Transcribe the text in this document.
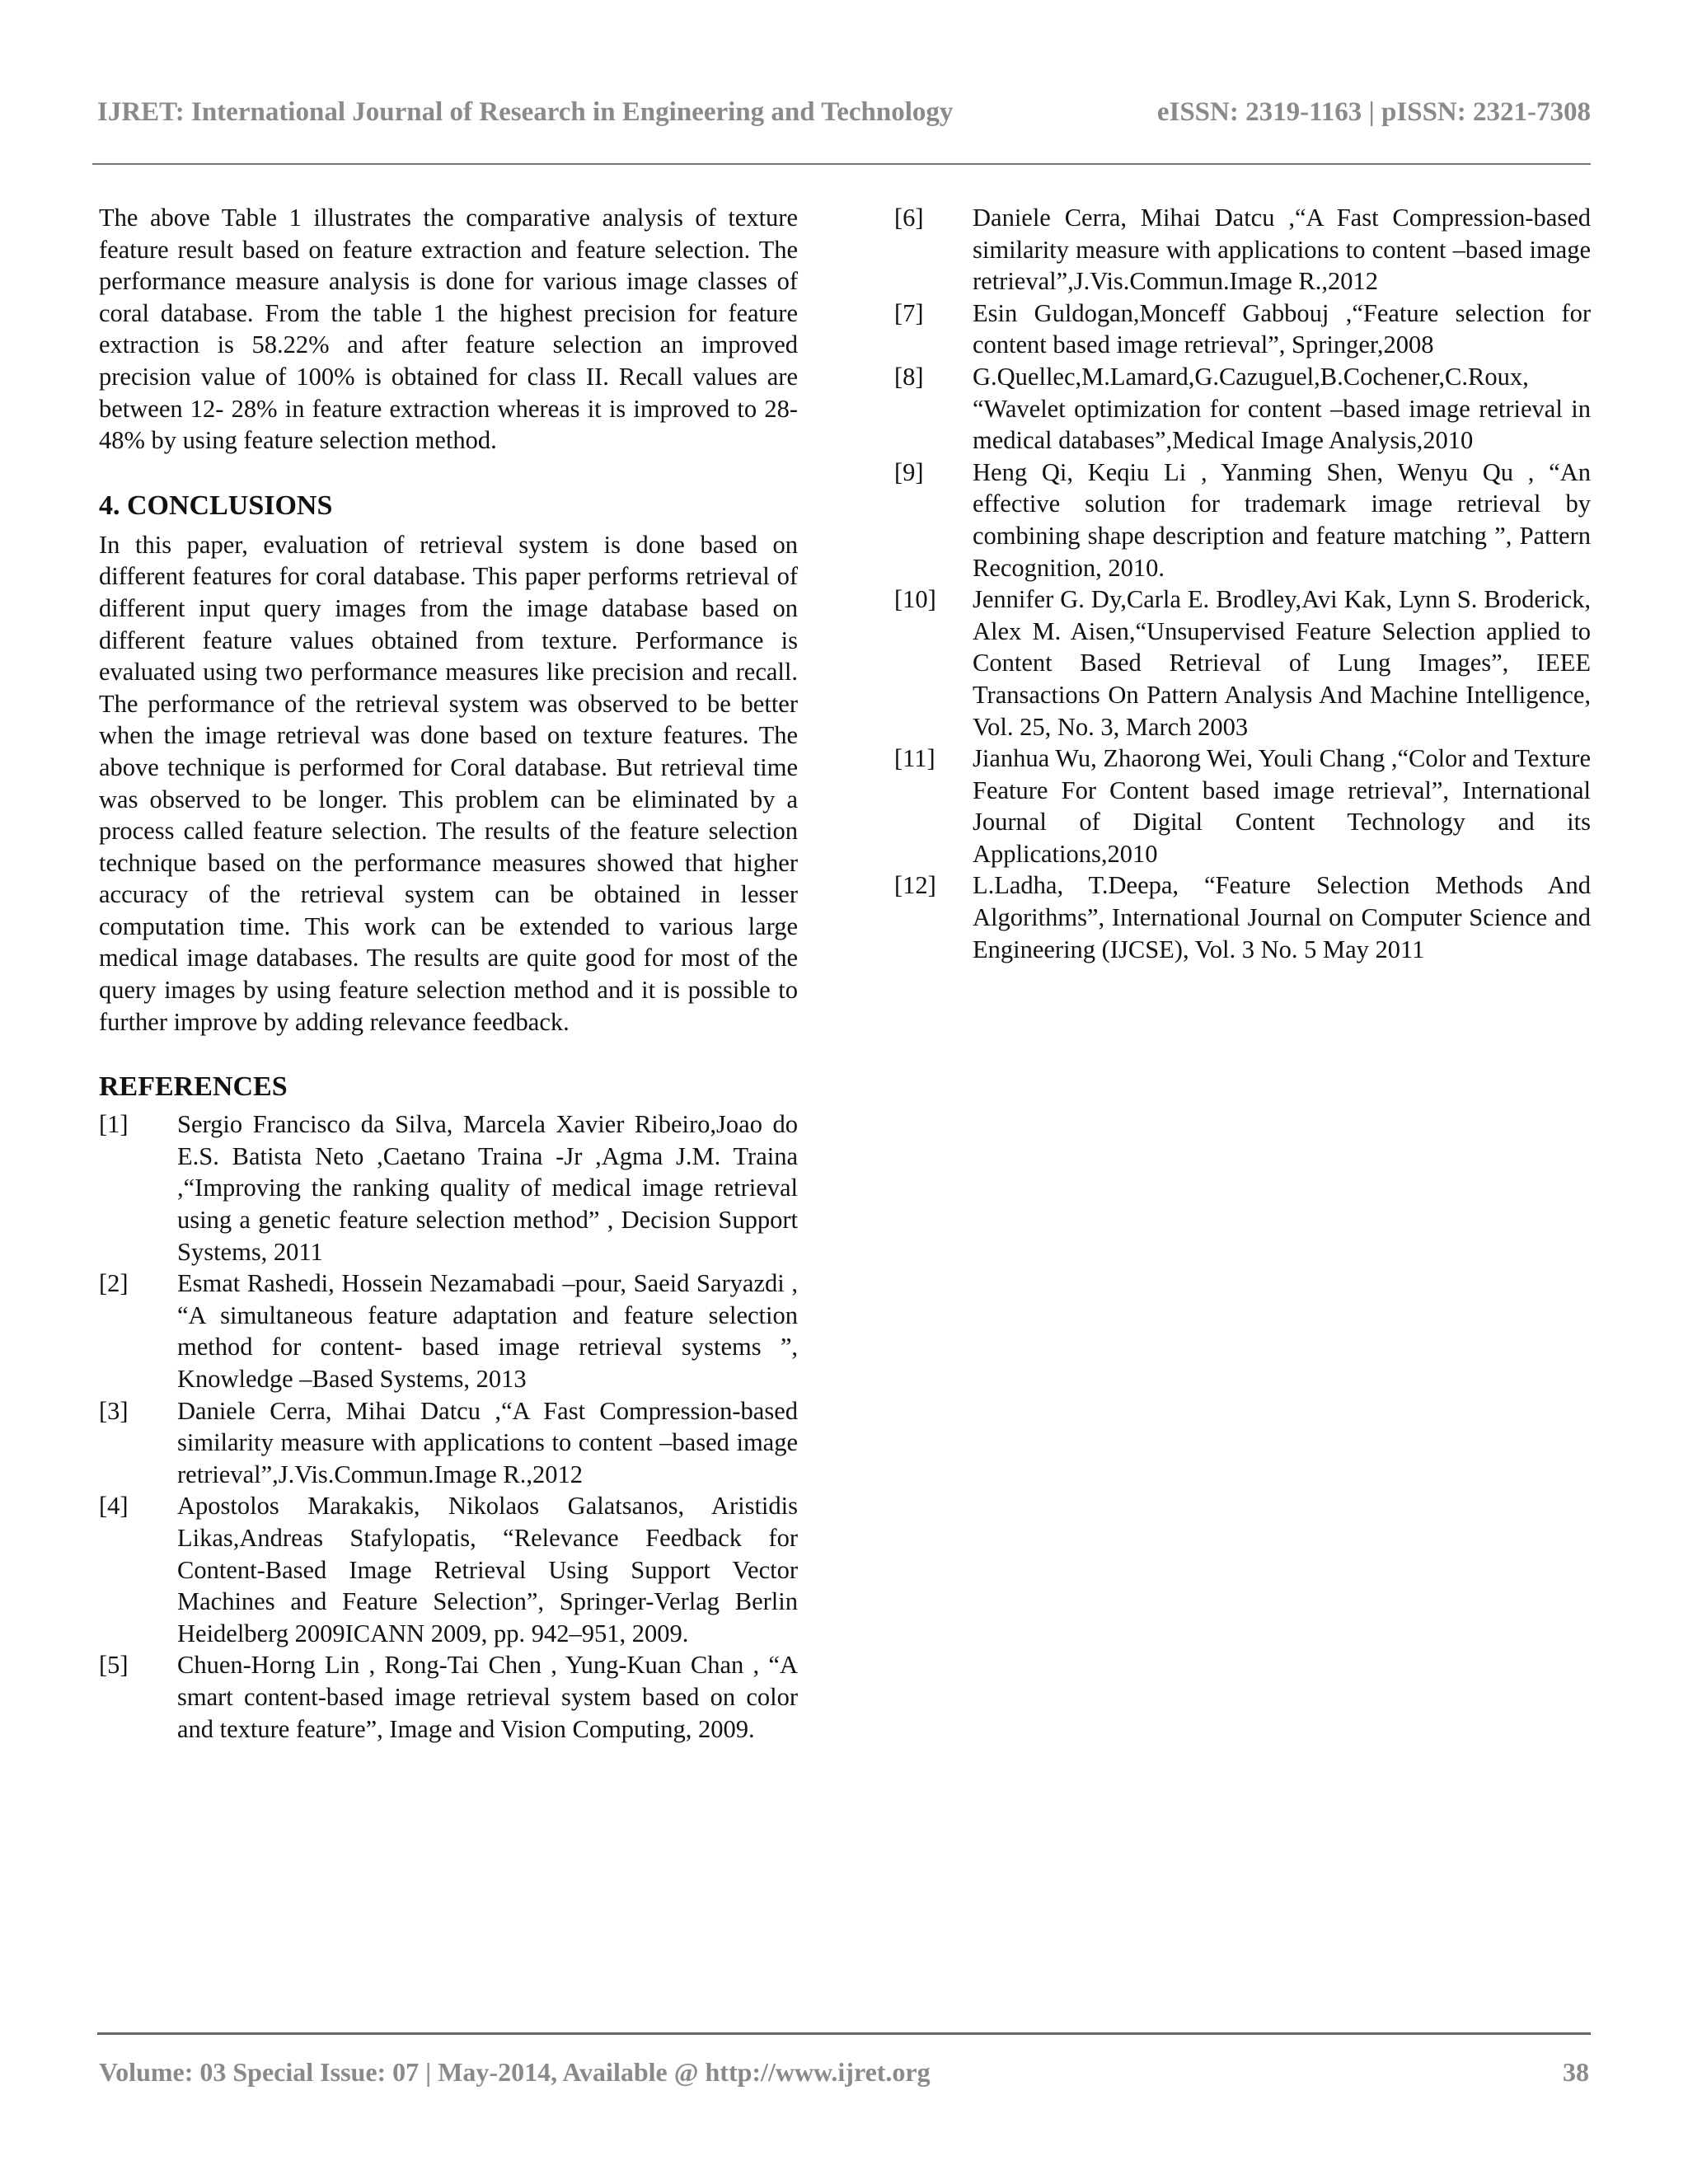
IJRET: International Journal of Research in Engineering and Technology	eISSN: 2319-1163 | pISSN: 2321-7308

The above Table 1 illustrates the comparative analysis of texture feature result based on feature extraction and feature selection. The performance measure analysis is done for various image classes of coral database. From the table 1 the highest precision for feature extraction is 58.22% and after feature selection an improved precision value of 100% is obtained for class II. Recall values are between 12- 28% in feature extraction whereas it is improved to 28-48% by using feature selection method.

4. CONCLUSIONS

In this paper, evaluation of retrieval system is done based on different features for coral database. This paper performs retrieval of different input query images from the image database based on different feature values obtained from texture. Performance is evaluated using two performance measures like precision and recall. The performance of the retrieval system was observed to be better when the image retrieval was done based on texture features. The above technique is performed for Coral database. But retrieval time was observed to be longer. This problem can be eliminated by a process called feature selection. The results of the feature selection technique based on the performance measures showed that higher accuracy of the retrieval system can be obtained in lesser computation time. This work can be extended to various large medical image databases. The results are quite good for most of the query images by using feature selection method and it is possible to further improve by adding relevance feedback.

REFERENCES
[1]	Sergio Francisco da Silva, Marcela Xavier Ribeiro,Joao do E.S. Batista Neto ,Caetano Traina -Jr ,Agma J.M. Traina ,“Improving the ranking quality of medical image retrieval using a genetic feature selection method” , Decision Support Systems, 2011
[2]	Esmat Rashedi, Hossein Nezamabadi –pour, Saeid Saryazdi , “A simultaneous feature adaptation and feature selection method for content- based image retrieval systems ”, Knowledge –Based Systems, 2013
[3]	Daniele Cerra, Mihai Datcu ,“A Fast Compression-based similarity measure with applications to content –based image retrieval”,J.Vis.Commun.Image R.,2012
[4]	Apostolos Marakakis, Nikolaos Galatsanos, Aristidis Likas,Andreas Stafylopatis, “Relevance Feedback for Content-Based Image Retrieval Using Support Vector Machines and Feature Selection”, Springer-Verlag Berlin Heidelberg 2009ICANN 2009, pp. 942–951, 2009.
[5]	Chuen-Horng Lin , Rong-Tai Chen , Yung-Kuan Chan , “A smart content-based image retrieval system based on color and texture feature”, Image and Vision Computing, 2009.
[6]	Daniele Cerra, Mihai Datcu ,“A Fast Compression-based similarity measure with applications to content –based image retrieval”,J.Vis.Commun.Image R.,2012
[7]	Esin Guldogan,Monceff Gabbouj ,“Feature selection for content based image retrieval”, Springer,2008
[8]	G.Quellec,M.Lamard,G.Cazuguel,B.Cochener,C.Roux, “Wavelet optimization for content –based image retrieval in medical databases”,Medical Image Analysis,2010
[9]	Heng Qi, Keqiu Li , Yanming Shen, Wenyu Qu , “An effective solution for trademark image retrieval by combining shape description and feature matching ”, Pattern Recognition, 2010.
[10]	Jennifer G. Dy,Carla E. Brodley,Avi Kak, Lynn S. Broderick, Alex M. Aisen,“Unsupervised Feature Selection applied to Content Based Retrieval of Lung Images”, IEEE Transactions On Pattern Analysis And Machine Intelligence, Vol. 25, No. 3, March 2003
[11]	Jianhua Wu, Zhaorong Wei, Youli Chang ,“Color and Texture Feature For Content based image retrieval”, International Journal of Digital Content Technology and its Applications,2010
[12]	L.Ladha, T.Deepa, “Feature Selection Methods And Algorithms”, International Journal on Computer Science and Engineering (IJCSE), Vol. 3 No. 5 May 2011
Volume: 03 Special Issue: 07 | May-2014, Available @ http://www.ijret.org	38
